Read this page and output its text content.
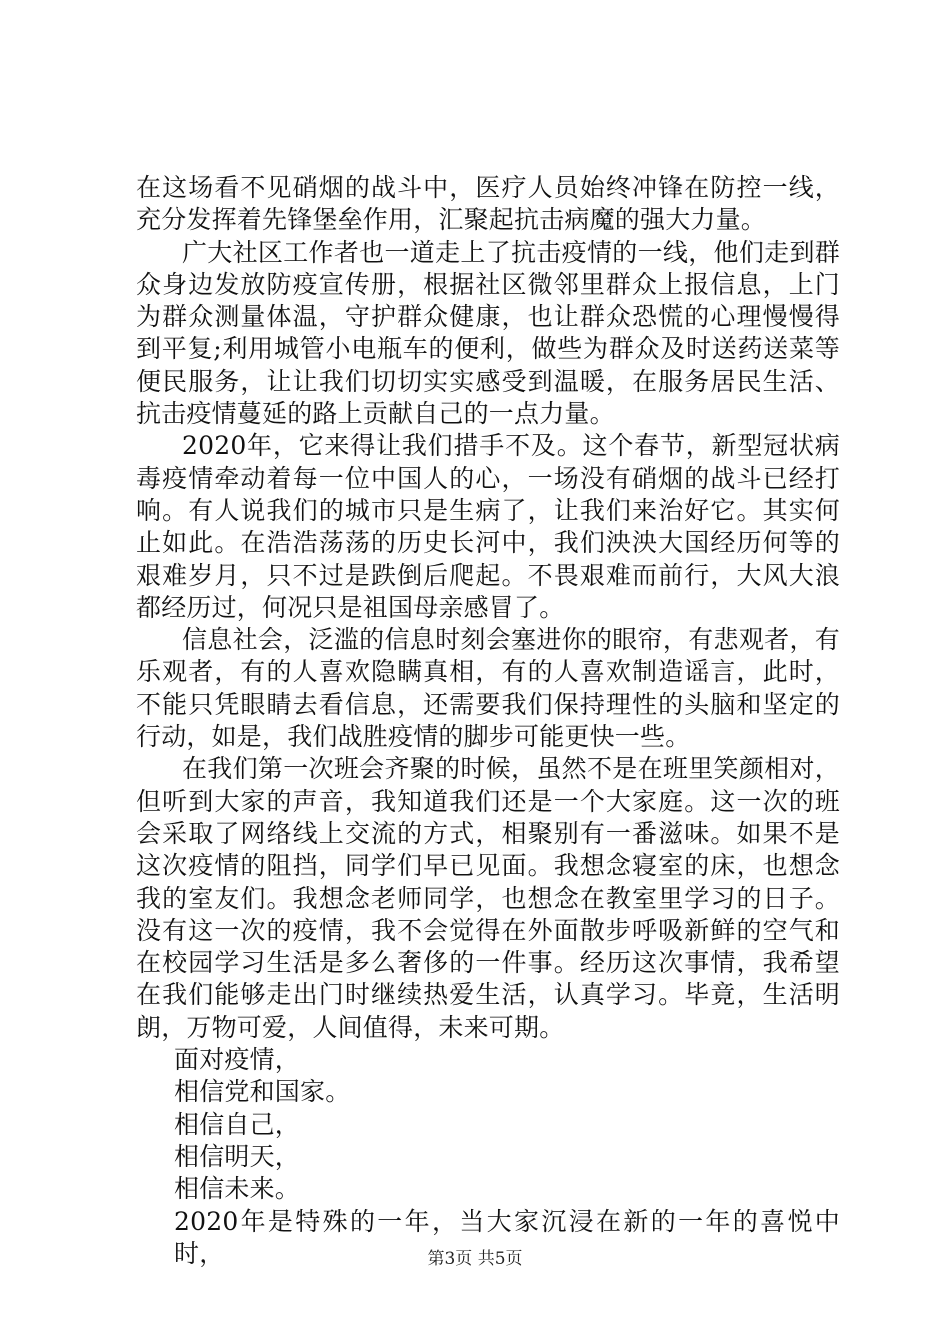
在这场看不见硝烟的战斗中，医疗人员始终冲锋在防控一线，充分发挥着先锋堡垒作用，汇聚起抗击病魔的强大力量。

广大社区工作者也一道走上了抗击疫情的一线，他们走到群众身边发放防疫宣传册，根据社区微邻里群众上报信息，上门为群众测量体温，守护群众健康，也让群众恐慌的心理慢慢得到平复;利用城管小电瓶车的便利，做些为群众及时送药送菜等便民服务，让让我们切切实实感受到温暖，在服务居民生活、抗击疫情蔓延的路上贡献自己的一点力量。

2020年，它来得让我们措手不及。这个春节，新型冠状病毒疫情牵动着每一位中国人的心，一场没有硝烟的战斗已经打响。有人说我们的城市只是生病了，让我们来治好它。其实何止如此。在浩浩荡荡的历史长河中，我们泱泱大国经历何等的艰难岁月，只不过是跌倒后爬起。不畏艰难而前行，大风大浪都经历过，何况只是祖国母亲感冒了。

信息社会，泛滥的信息时刻会塞进你的眼帘，有悲观者，有乐观者，有的人喜欢隐瞒真相，有的人喜欢制造谣言，此时，不能只凭眼睛去看信息，还需要我们保持理性的头脑和坚定的行动，如是，我们战胜疫情的脚步可能更快一些。

在我们第一次班会齐聚的时候，虽然不是在班里笑颜相对，但听到大家的声音，我知道我们还是一个大家庭。这一次的班会采取了网络线上交流的方式，相聚别有一番滋味。如果不是这次疫情的阻挡，同学们早已见面。我想念寝室的床，也想念我的室友们。我想念老师同学，也想念在教室里学习的日子。没有这一次的疫情，我不会觉得在外面散步呼吸新鲜的空气和在校园学习生活是多么奢侈的一件事。经历这次事情，我希望在我们能够走出门时继续热爱生活，认真学习。毕竟，生活明朗，万物可爱，人间值得，未来可期。

面对疫情，

相信党和国家。

相信自己，

相信明天，

相信未来。

2020年是特殊的一年，当大家沉浸在新的一年的喜悦中时，	第3页 共5页
